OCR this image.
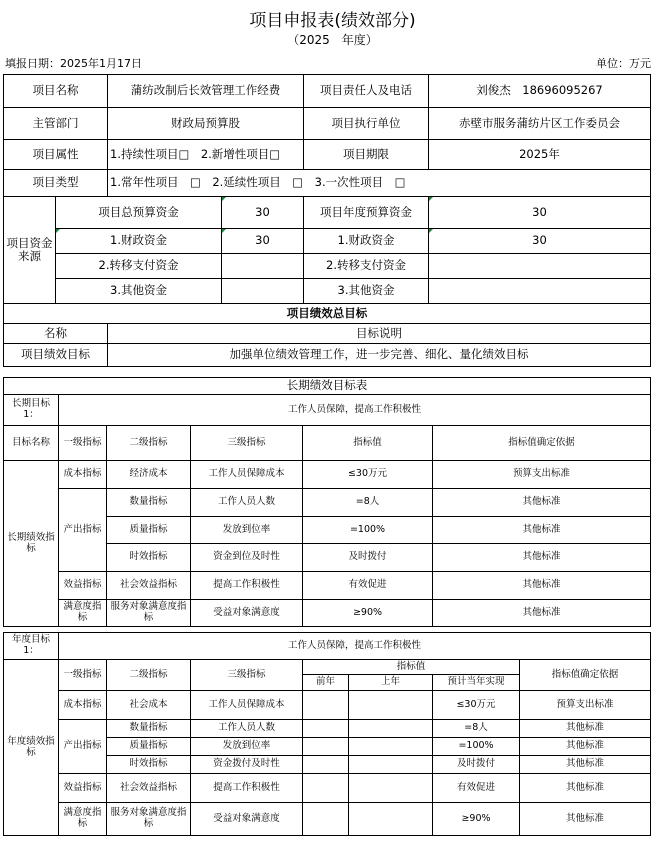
项目申报表(绩效部分)
（2025　年度）
填报日期：2025年1月17日	单位：万元
项目名称		蒲纺改制后长效管理工作经费		项目责任人及电话	刘俊杰　18696095267
主管部门		财政局预算股		项目执行单位	赤壁市服务蒲纺片区工作委员会
项目属性		1.持续性项目□　2.新增性项目□		项目期限	2025年
项目类型		1.常年性项目　□　2.延续性项目　□　3.一次性项目　□			
项目资金来源	项目总预算资金		30	项目年度预算资金	30
	1.财政资金		30	1.财政资金	30
	2.转移支付资金			2.转移支付资金	
	3.其他资金			3.其他资金	
项目绩效总目标					
名称		目标说明			
项目绩效目标		加强单位绩效管理工作，进一步完善、细化、量化绩效目标			
长期绩效目标表					
长期目标1：	工作人员保障，提高工作积极性				
目标名称	一级指标	二级指标	三级指标	指标值	指标值确定依据
长期绩效指标	成本指标	经济成本	工作人员保障成本	≤30万元	预算支出标准
	产出指标	数量指标	工作人员人数	=8人	其他标准
		质量指标	发放到位率	=100%	其他标准
		时效指标	资金到位及时性	及时拨付	其他标准
	效益指标	社会效益指标	提高工作积极性	有效促进	其他标准
	满意度指标	服务对象满意度指标	受益对象满意度	≥90%	其他标准
年度目标1：	工作人员保障，提高工作积极性						
年度绩效指标	一级指标	二级指标	三级指标	指标值			指标值确定依据
				前年	上年	预计当年实现	
	成本指标	社会成本	工作人员保障成本			≤30万元	预算支出标准
	产出指标	数量指标	工作人员人数			=8人	其他标准
		质量指标	发放到位率			=100%	其他标准
		时效指标	资金拨付及时性			及时拨付	其他标准
	效益指标	社会效益指标	提高工作积极性			有效促进	其他标准
	满意度指标	服务对象满意度指标	受益对象满意度			≥90%	其他标准
